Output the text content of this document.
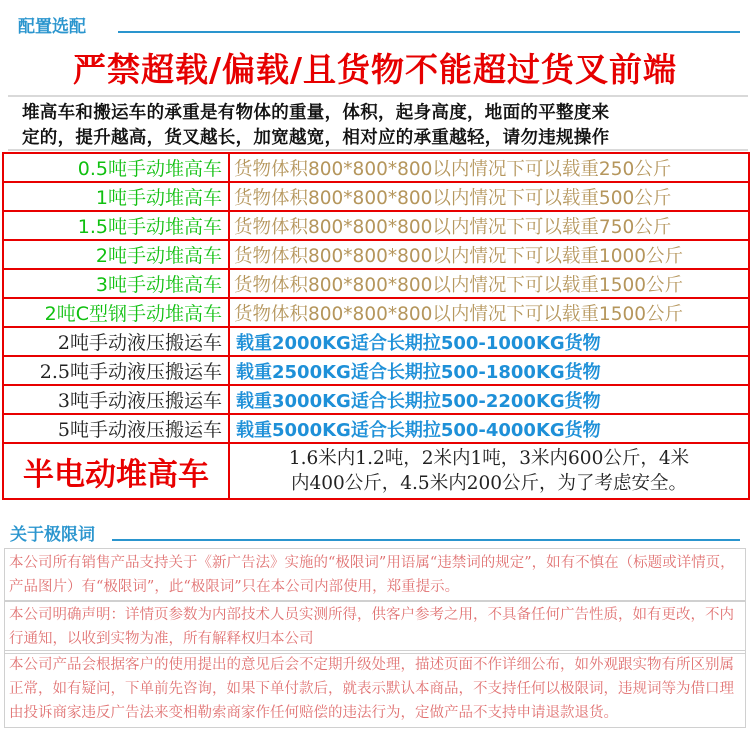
配置选配
严禁超载/偏载/且货物不能超过货叉前端
堆高车和搬运车的承重是有物体的重量，体积，起身高度，地面的平整度来
定的，提升越高，货叉越长，加宽越宽，相对应的承重越轻，请勿违规操作
0.5吨手动堆高车	货物体积800*800*800以内情况下可以载重250公斤
1吨手动堆高车	货物体积800*800*800以内情况下可以载重500公斤
1.5吨手动堆高车	货物体积800*800*800以内情况下可以载重750公斤
2吨手动堆高车	货物体积800*800*800以内情况下可以载重1000公斤
3吨手动堆高车	货物体积800*800*800以内情况下可以载重1500公斤
2吨C型钢手动堆高车	货物体积800*800*800以内情况下可以载重1500公斤
2吨手动液压搬运车	载重2000KG适合长期拉500-1000KG货物
2.5吨手动液压搬运车	载重2500KG适合长期拉500-1800KG货物
3吨手动液压搬运车	载重3000KG适合长期拉500-2200KG货物
5吨手动液压搬运车	载重5000KG适合长期拉500-4000KG货物
半电动堆高车	1.6米内1.2吨，2米内1吨，3米内600公斤，4米
内400公斤，4.5米内200公斤，为了考虑安全。
关于极限词
本公司所有销售产品支持关于《新广告法》实施的“极限词”用语属“违禁词的规定”，如有不慎在（标题或详情页，产品图片）有“极限词”，此“极限词”只在本公司内部使用，郑重提示。
本公司明确声明：详情页参数为内部技术人员实测所得，供客户参考之用，不具备任何广告性质，如有更改，不内行通知，以收到实物为准，所有解释权归本公司
本公司产品会根据客户的使用提出的意见后会不定期升级处理，描述页面不作详细公布，如外观跟实物有所区别属正常，如有疑问，下单前先咨询，如果下单付款后，就表示默认本商品，不支持任何以极限词，违规词等为借口理由投诉商家违反广告法来变相勒索商家作任何赔偿的违法行为，定做产品不支持申请退款退货。
